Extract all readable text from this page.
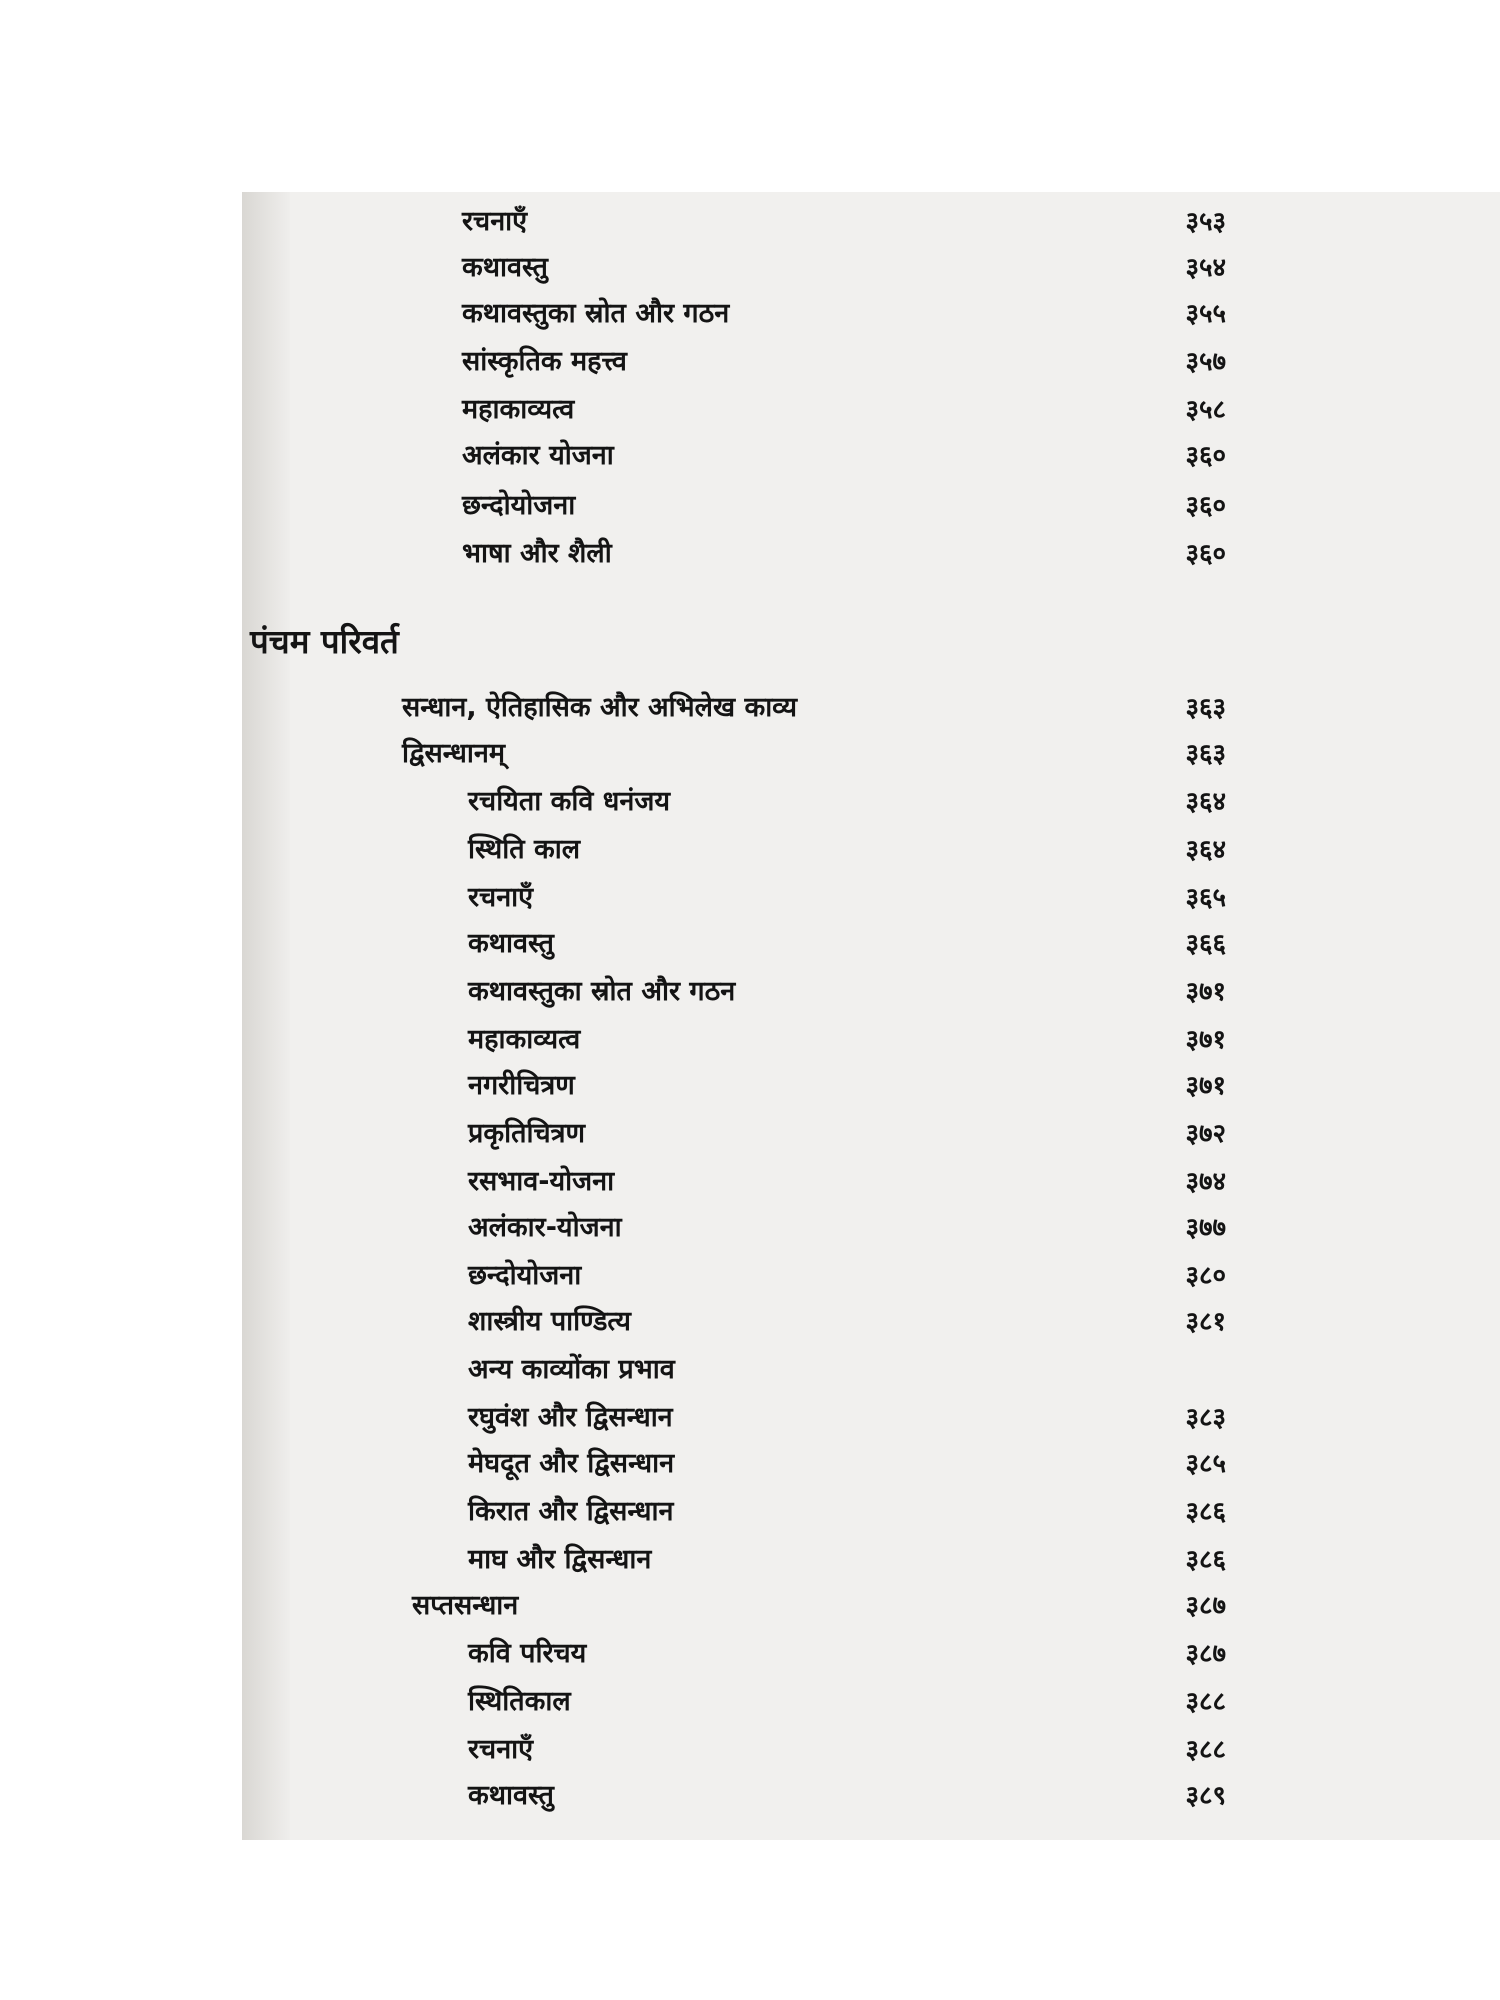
रचनाएँ	३५३
कथावस्तु	३५४
कथावस्तुका स्रोत और गठन	३५५
सांस्कृतिक महत्त्व	३५७
महाकाव्यत्व	३५८
अलंकार योजना	३६०
छन्दोयोजना	३६०
भाषा और शैली	३६०
पंचम परिवर्त
सन्धान, ऐतिहासिक और अभिलेख काव्य	३६३
द्विसन्धानम्	३६३
रचयिता कवि धनंजय	३६४
स्थिति काल	३६४
रचनाएँ	३६५
कथावस्तु	३६६
कथावस्तुका स्रोत और गठन	३७१
महाकाव्यत्व	३७१
नगरीचित्रण	३७१
प्रकृतिचित्रण	३७२
रसभाव-योजना	३७४
अलंकार-योजना	३७७
छन्दोयोजना	३८०
शास्त्रीय पाण्डित्य	३८१
अन्य काव्योंका प्रभाव
रघुवंश और द्विसन्धान	३८३
मेघदूत और द्विसन्धान	३८५
किरात और द्विसन्धान	३८६
माघ और द्विसन्धान	३८६
सप्तसन्धान	३८७
कवि परिचय	३८७
स्थितिकाल	३८८
रचनाएँ	३८८
कथावस्तु	३८९
